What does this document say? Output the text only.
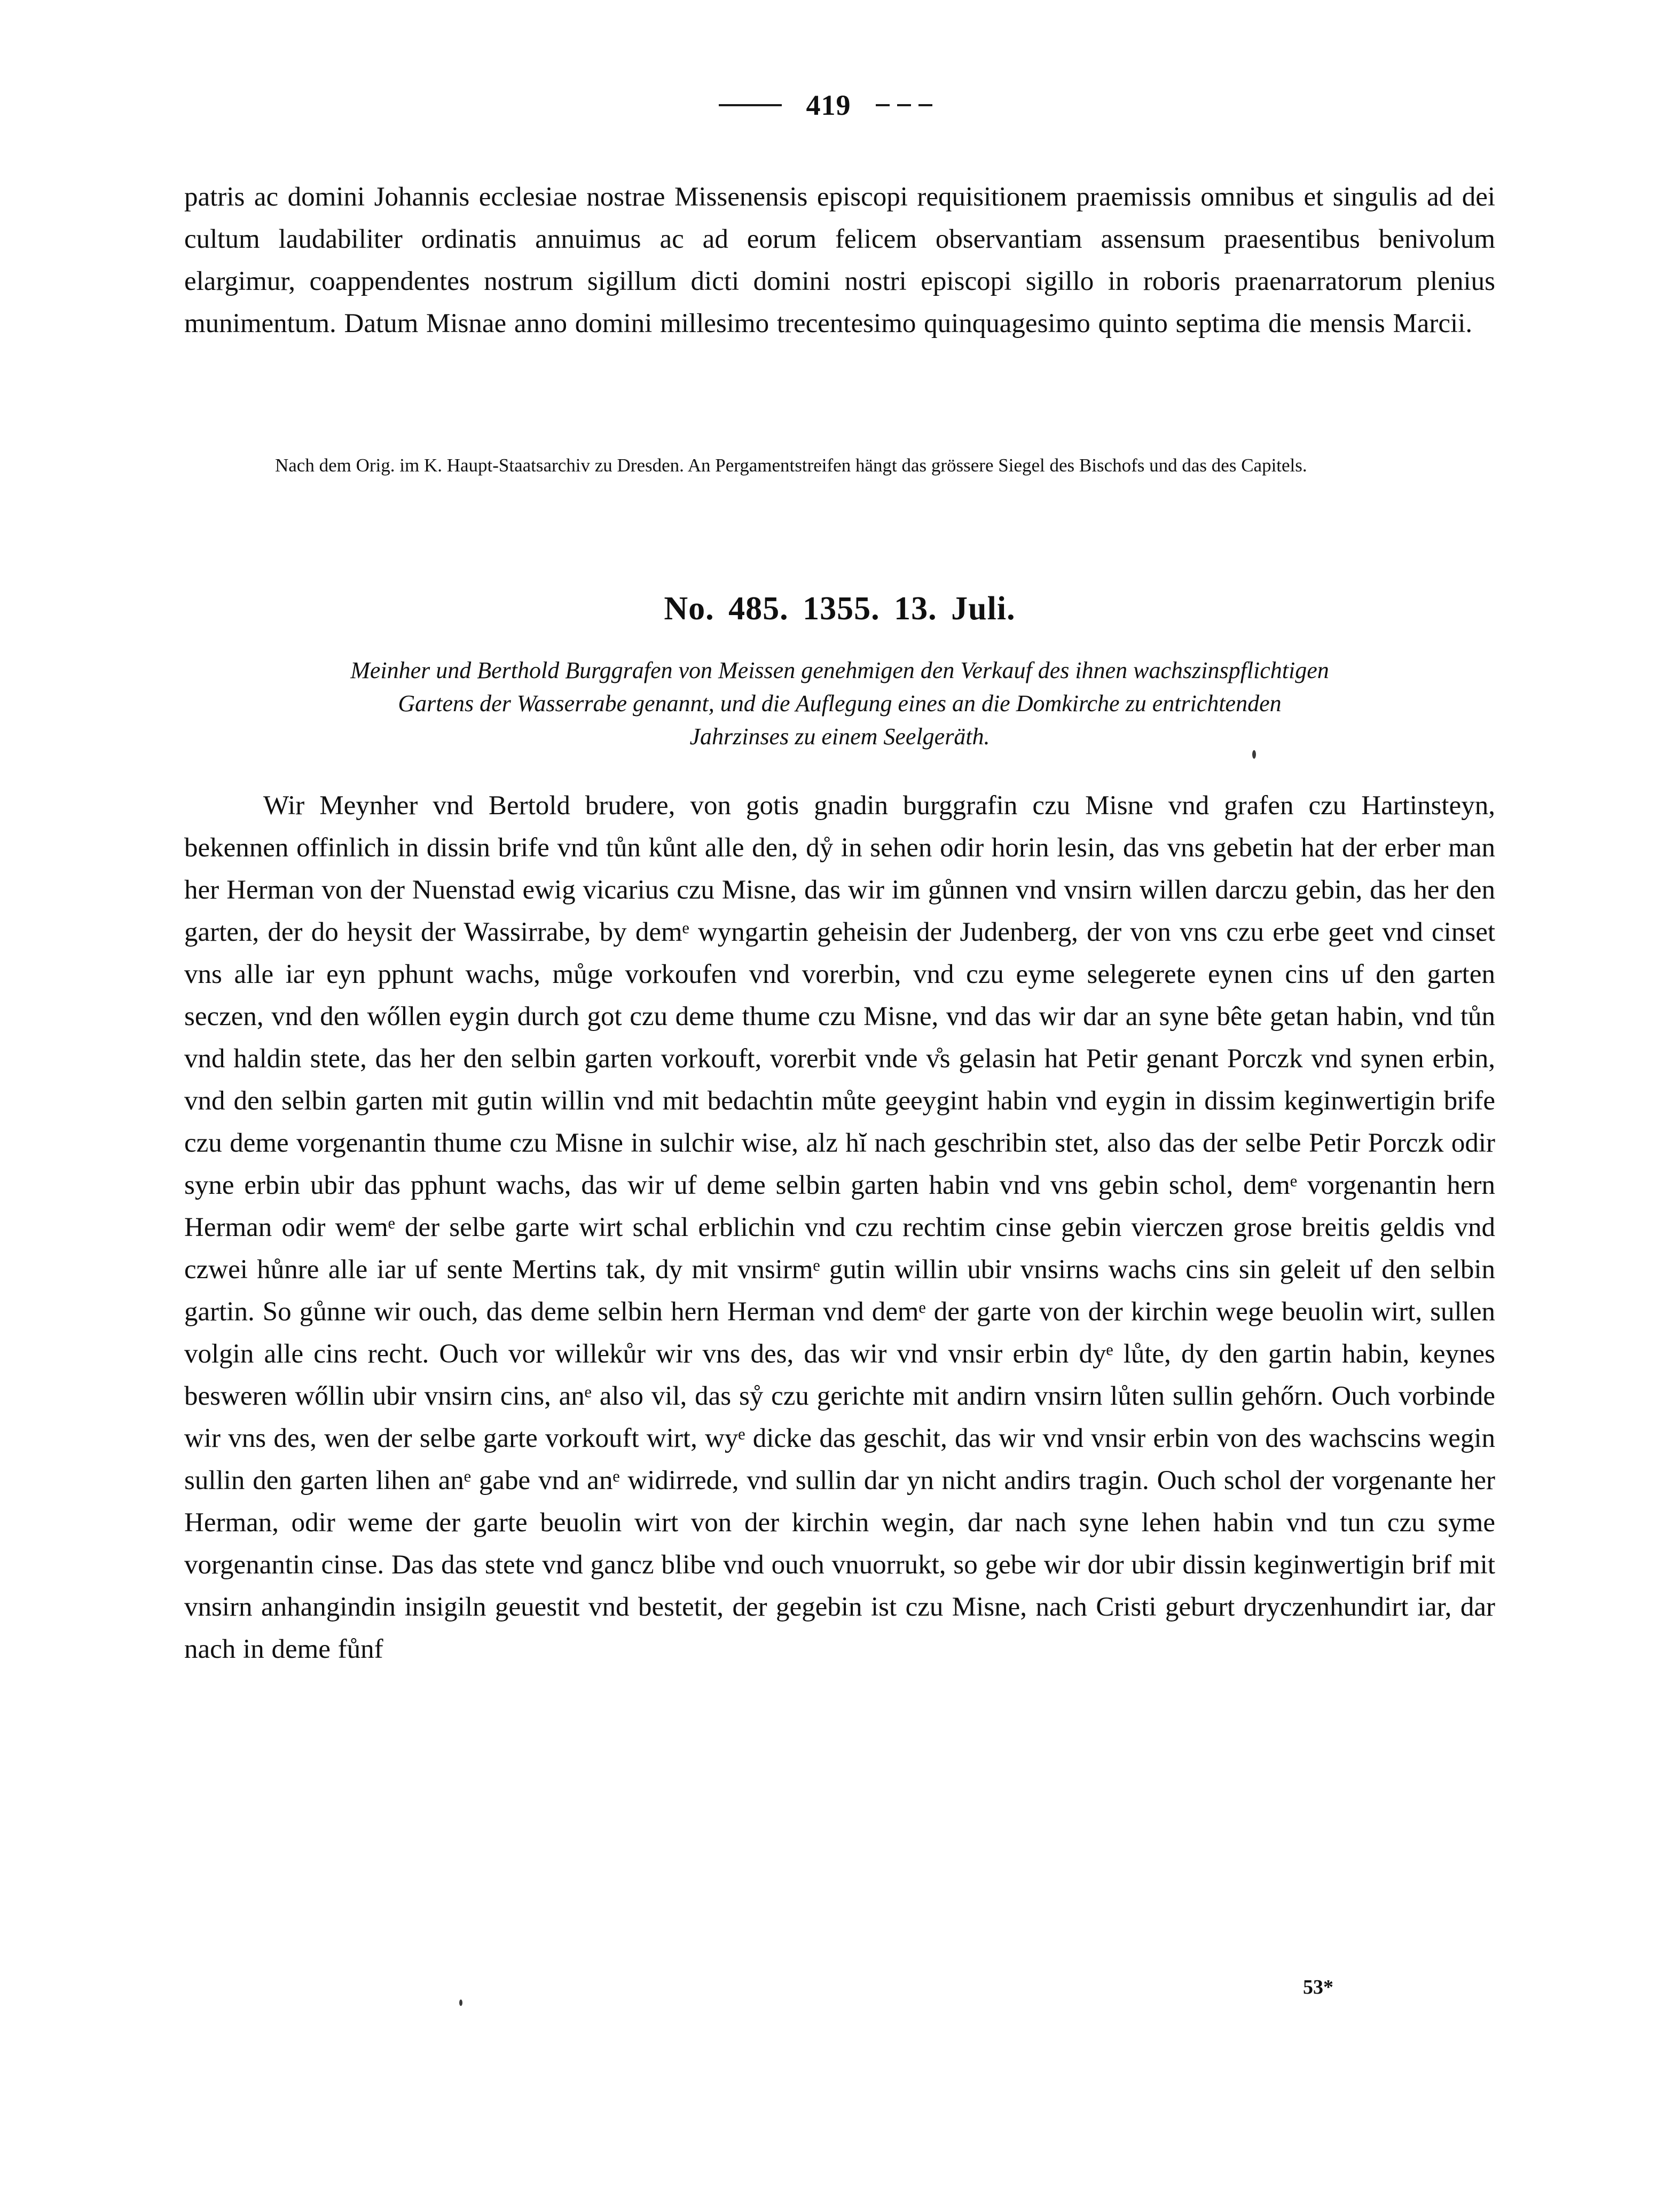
419

patris ac domini Johannis ecclesiae nostrae Missenensis episcopi requisitionem praemissis omnibus et singulis ad dei cultum laudabiliter ordinatis annuimus ac ad eorum felicem observantiam assensum praesentibus benivolum elargimur, coappendentes nostrum sigillum dicti domini nostri episcopi sigillo in roboris praenarratorum plenius munimentum. Datum Misnae anno domini millesimo trecentesimo quinquagesimo quinto septima die mensis Marcii.

Nach dem Orig. im K. Haupt-Staatsarchiv zu Dresden. An Pergamentstreifen hängt das grössere Siegel des Bischofs und das des Capitels.

No. 485. 1355. 13. Juli.
Meinher und Berthold Burggrafen von Meissen genehmigen den Verkauf des ihnen wachszinspflichtigen
Gartens der Wasserrabe genannt, und die Auflegung eines an die Domkirche zu entrichtenden
Jahrzinses zu einem Seelgeräth.

Wir Meynher vnd Bertold brudere, von gotis gnadin burggrafin czu Misne vnd grafen czu Hartinsteyn, bekennen offinlich in dissin brife vnd tůn kůnt alle den, dẙ in sehen odir horin lesin, das vns gebetin hat der erber man her Herman von der Nuenstad ewig vicarius czu Misne, das wir im gůnnen vnd vnsirn willen darczu gebin, das her den garten, der do heysit der Wassirrabe, by demᵉ wyngartin geheisin der Judenberg, der von vns czu erbe geet vnd cinset vns alle iar eyn pphunt wachs, můge vorkoufen vnd vorerbin, vnd czu eyme selegerete eynen cins uf den garten seczen, vnd den wőllen eygin durch got czu deme thume czu Misne, vnd das wir dar an syne bête getan habin, vnd tůn vnd haldin stete, das her den selbin garten vorkouft, vorerbit vnde v̊s gelasin hat Petir genant Porczk vnd synen erbin, vnd den selbin garten mit gutin willin vnd mit bedachtin můte geeygint habin vnd eygin in dissim keginwertigin brife czu deme vorgenantin thume czu Misne in sulchir wise, alz hĭ nach geschribin stet, also das der selbe Petir Porczk odir syne erbin ubir das pphunt wachs, das wir uf deme selbin garten habin vnd vns gebin schol, demᵉ vorgenantin hern Herman odir wemᵉ der selbe garte wirt schal erblichin vnd czu rechtim cinse gebin vierczen grose breitis geldis vnd czwei hůnre alle iar uf sente Mertins tak, dy mit vnsirmᵉ gutin willin ubir vnsirns wachs cins sin geleit uf den selbin gartin. So gůnne wir ouch, das deme selbin hern Herman vnd demᵉ der garte von der kirchin wege beuolin wirt, sullen volgin alle cins recht. Ouch vor willekůr wir vns des, das wir vnd vnsir erbin dyᵉ lůte, dy den gartin habin, keynes besweren wőllin ubir vnsirn cins, anᵉ also vil, das sẙ czu gerichte mit andirn vnsirn lůten sullin gehőrn. Ouch vorbinde wir vns des, wen der selbe garte vorkouft wirt, wyᵉ dicke das geschit, das wir vnd vnsir erbin von des wachscins wegin sullin den garten lihen anᵉ gabe vnd anᵉ widirrede, vnd sullin dar yn nicht andirs tragin. Ouch schol der vorgenante her Herman, odir weme der garte beuolin wirt von der kirchin wegin, dar nach syne lehen habin vnd tun czu syme vorgenantin cinse. Das das stete vnd gancz blibe vnd ouch vnuorrukt, so gebe wir dor ubir dissin keginwertigin brif mit vnsirn anhangindin insigiln geuestit vnd bestetit, der gegebin ist czu Misne, nach Cristi geburt dryczenhundirt iar, dar nach in deme fůnf

53*
